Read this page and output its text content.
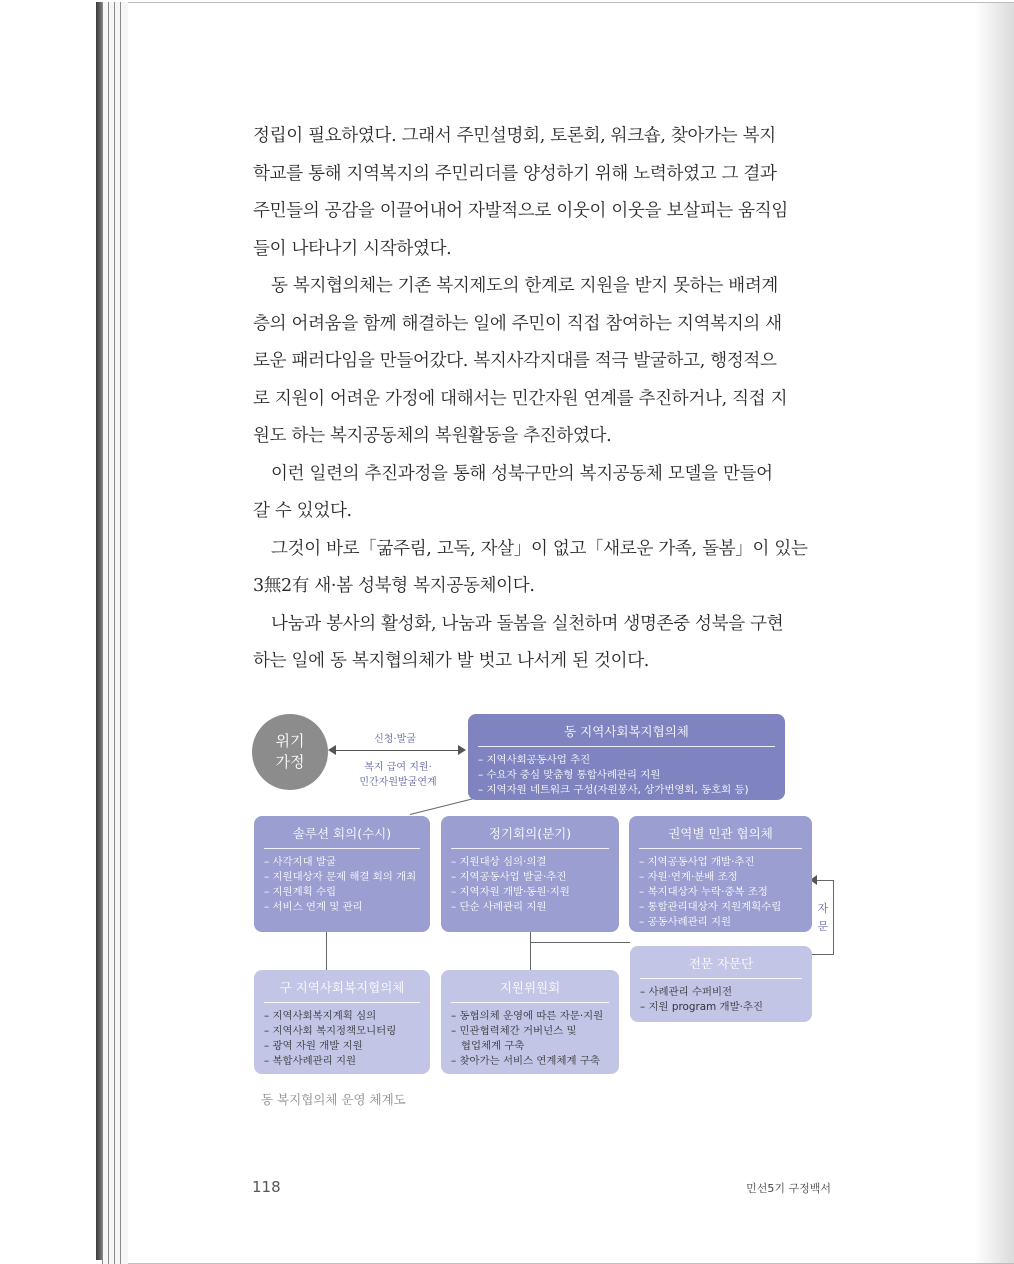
정립이 필요하였다. 그래서 주민설명회, 토론회, 워크숍, 찾아가는 복지

학교를 통해 지역복지의 주민리더를 양성하기 위해 노력하였고 그 결과

주민들의 공감을 이끌어내어 자발적으로 이웃이 이웃을 보살피는 움직임

들이 나타나기 시작하였다.

동 복지협의체는 기존 복지제도의 한계로 지원을 받지 못하는 배려계

층의 어려움을 함께 해결하는 일에 주민이 직접 참여하는 지역복지의 새

로운 패러다임을 만들어갔다. 복지사각지대를 적극 발굴하고, 행정적으

로 지원이 어려운 가정에 대해서는 민간자원 연계를 추진하거나, 직접 지

원도 하는 복지공동체의 복원활동을 추진하였다.

이런 일련의 추진과정을 통해 성북구만의 복지공동체 모델을 만들어

갈 수 있었다.

그것이 바로「굶주림, 고독, 자살」이 없고「새로운 가족, 돌봄」이 있는

3無2有 새·봄 성북형 복지공동체이다.

나눔과 봉사의 활성화, 나눔과 돌봄을 실천하며 생명존중 성북을 구현

하는 일에 동 복지협의체가 발 벗고 나서게 된 것이다.

위기
가정
신청·발굴
복지 급여 지원·
민간자원발굴연계
자
문
동 지역사회복지협의체
– 지역사회공동사업 추진
– 수요자 중심 맞춤형 통합사례관리 지원
– 지역자원 네트워크 구성(자원봉사, 상가번영회, 동호회 등)
솔루션 회의(수시)
– 사각지대 발굴
– 지원대상자 문제 해결 회의 개최
– 지원계획 수립
– 서비스 연계 및 관리
정기회의(분기)
– 지원대상 심의·의결
– 지역공동사업 발굴·추진
– 지역자원 개발·동원·지원
– 단순 사례관리 지원
권역별 민관 협의체
– 지역공동사업 개발·추진
– 자원·연계·분배 조정
– 복지대상자 누락·중복 조정
– 통합관리대상자 지원계획수립
– 공동사례관리 지원
전문 자문단
– 사례관리 수퍼비전
– 지원 program 개발·추진
구 지역사회복지협의체
– 지역사회복지계획 심의
– 지역사회 복지정책모니터링
– 광역 자원 개발 지원
– 복합사례관리 지원
지원위원회
– 동협의체 운영에 따른 자문·지원
– 민관협력체간 거버넌스 및
협업체계 구축
– 찾아가는 서비스 연계체계 구축
동 복지협의체 운영 체계도
118	민선5기 구정백서
